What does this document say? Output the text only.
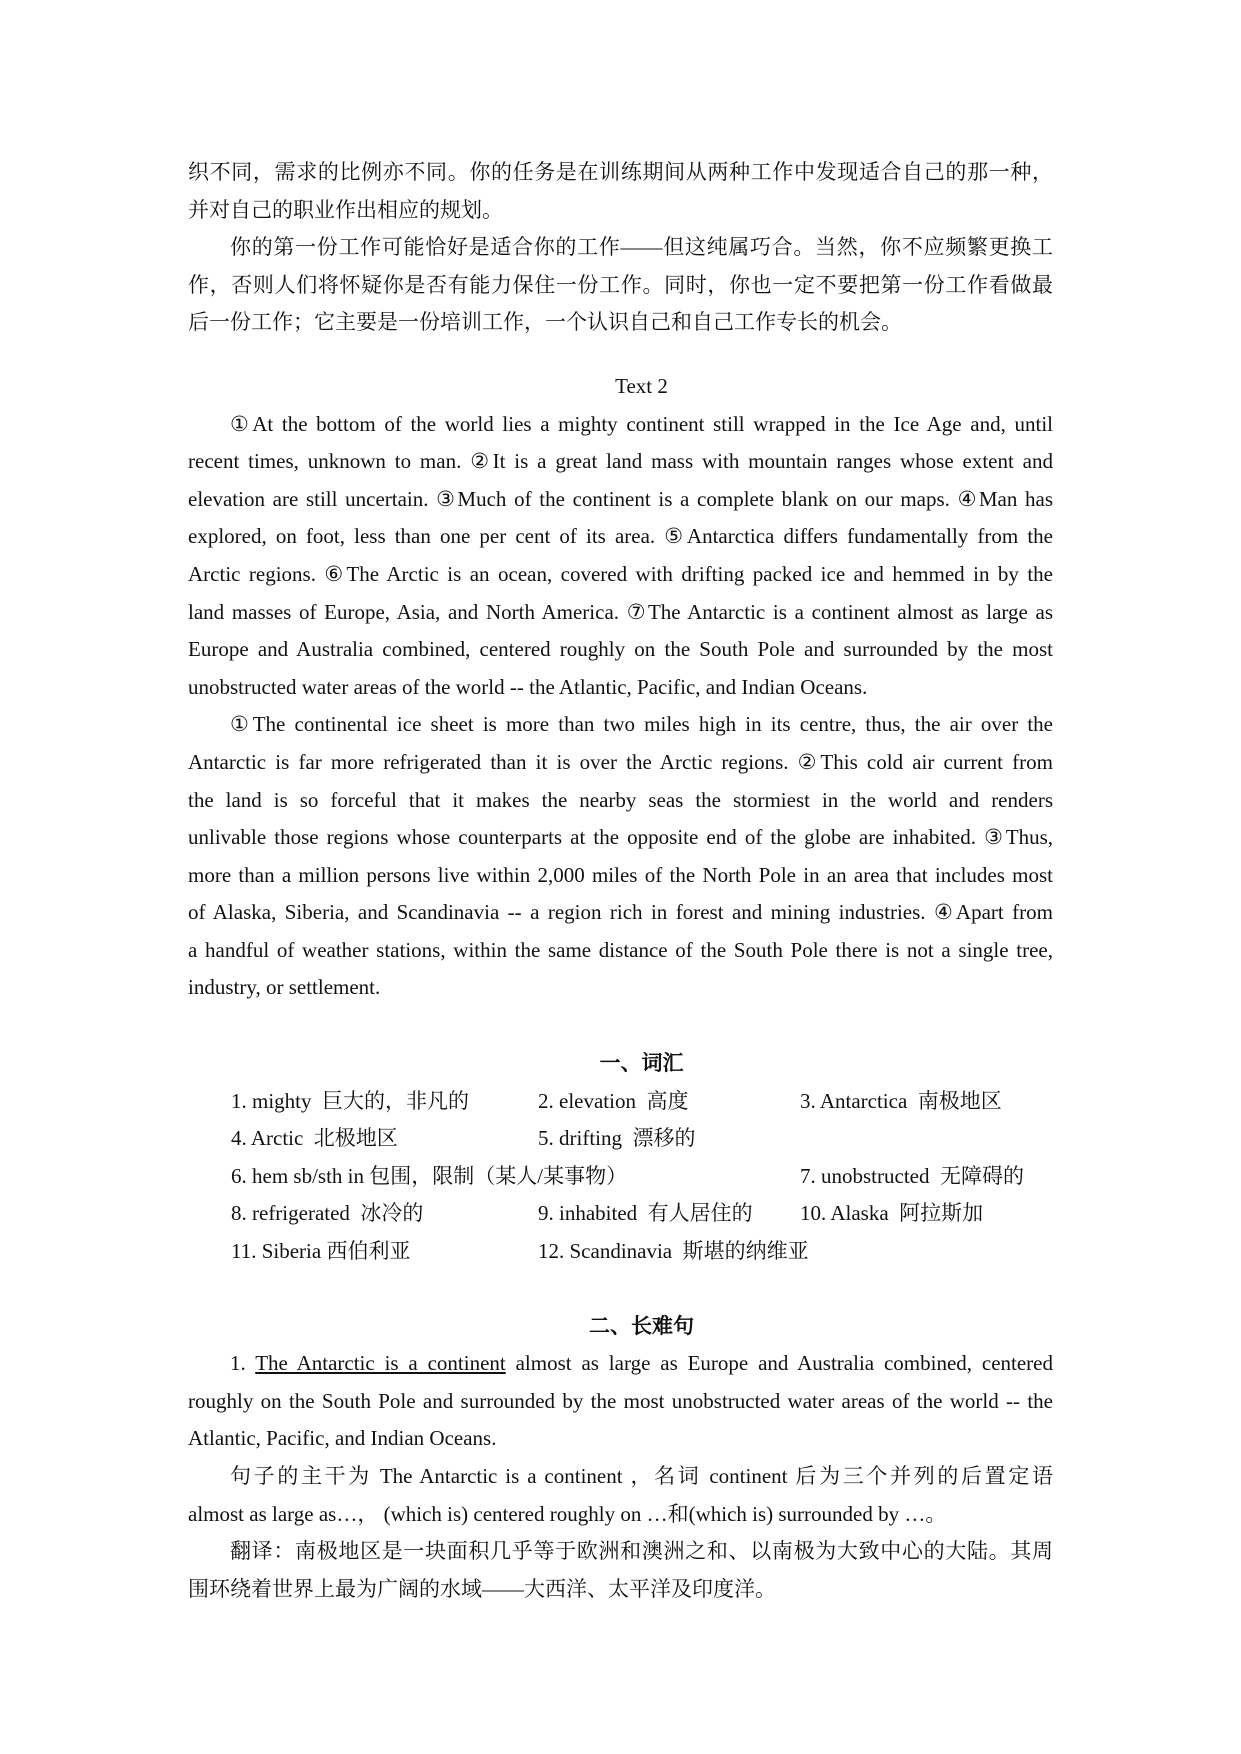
织不同，需求的比例亦不同。你的任务是在训练期间从两种工作中发现适合自己的那一种，
并对自己的职业作出相应的规划。
你的第一份工作可能恰好是适合你的工作——但这纯属巧合。当然，你不应频繁更换工
作，否则人们将怀疑你是否有能力保住一份工作。同时，你也一定不要把第一份工作看做最
后一份工作；它主要是一份培训工作，一个认识自己和自己工作专长的机会。
Text 2
①At the bottom of the world lies a mighty continent still wrapped in the Ice Age and, until
recent times, unknown to man. ②It is a great land mass with mountain ranges whose extent and
elevation are still uncertain. ③Much of the continent is a complete blank on our maps. ④Man has
explored, on foot, less than one per cent of its area. ⑤Antarctica differs fundamentally from the
Arctic regions. ⑥The Arctic is an ocean, covered with drifting packed ice and hemmed in by the
land masses of Europe, Asia, and North America. ⑦The Antarctic is a continent almost as large as
Europe and Australia combined, centered roughly on the South Pole and surrounded by the most
unobstructed water areas of the world -- the Atlantic, Pacific, and Indian Oceans.
①The continental ice sheet is more than two miles high in its centre, thus, the air over the
Antarctic is far more refrigerated than it is over the Arctic regions. ②This cold air current from
the land is so forceful that it makes the nearby seas the stormiest in the world and renders
unlivable those regions whose counterparts at the opposite end of the globe are inhabited. ③Thus,
more than a million persons live within 2,000 miles of the North Pole in an area that includes most
of Alaska, Siberia, and Scandinavia -- a region rich in forest and mining industries. ④Apart from
a handful of weather stations, within the same distance of the South Pole there is not a single tree,
industry, or settlement.
一、词汇
1. mighty  巨大的，非凡的	2. elevation  高度	3. Antarctica  南极地区
4. Arctic  北极地区	5. drifting  漂移的
6. hem sb/sth in 包围，限制（某人/某事物）	7. unobstructed  无障碍的
8. refrigerated  冰冷的	9. inhabited  有人居住的 10. Alaska  阿拉斯加
11. Siberia 西伯利亚	12. Scandinavia  斯堪的纳维亚
二、长难句
1. The Antarctic is a continent almost as large as Europe and Australia combined, centered
roughly on the South Pole and surrounded by the most unobstructed water areas of the world -- the
Atlantic, Pacific, and Indian Oceans.
句子的主干为 The Antarctic is a continent ，名词 continent 后为三个并列的后置定语
almost as large as…， (which is) centered roughly on …和(which is) surrounded by …。
翻译：南极地区是一块面积几乎等于欧洲和澳洲之和、以南极为大致中心的大陆。其周
围环绕着世界上最为广阔的水域——大西洋、太平洋及印度洋。
